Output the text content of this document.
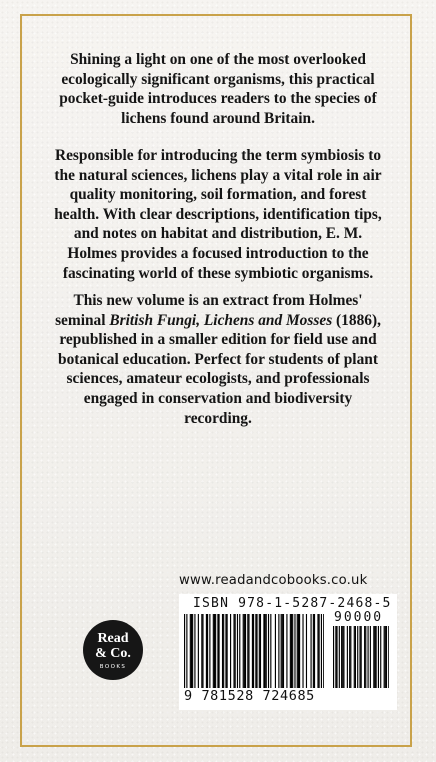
Shining a light on one of the most overlooked ecologically significant organisms, this practical pocket-guide introduces readers to the species of lichens found around Britain.

Responsible for introducing the term symbiosis to the natural sciences, lichens play a vital role in air quality monitoring, soil formation, and forest health. With clear descriptions, identification tips, and notes on habitat and distribution, E. M. Holmes provides a focused introduction to the fascinating world of these symbiotic organisms.

This new volume is an extract from Holmes' seminal British Fungi, Lichens and Mosses (1886), republished in a smaller edition for field use and botanical education. Perfect for students of plant sciences, amateur ecologists, and professionals engaged in conservation and biodiversity recording.

www.readandcobooks.co.uk
ISBN 978-1-5287-2468-5
90000
9 781528 724685
Read
& Co.
BOOKS
